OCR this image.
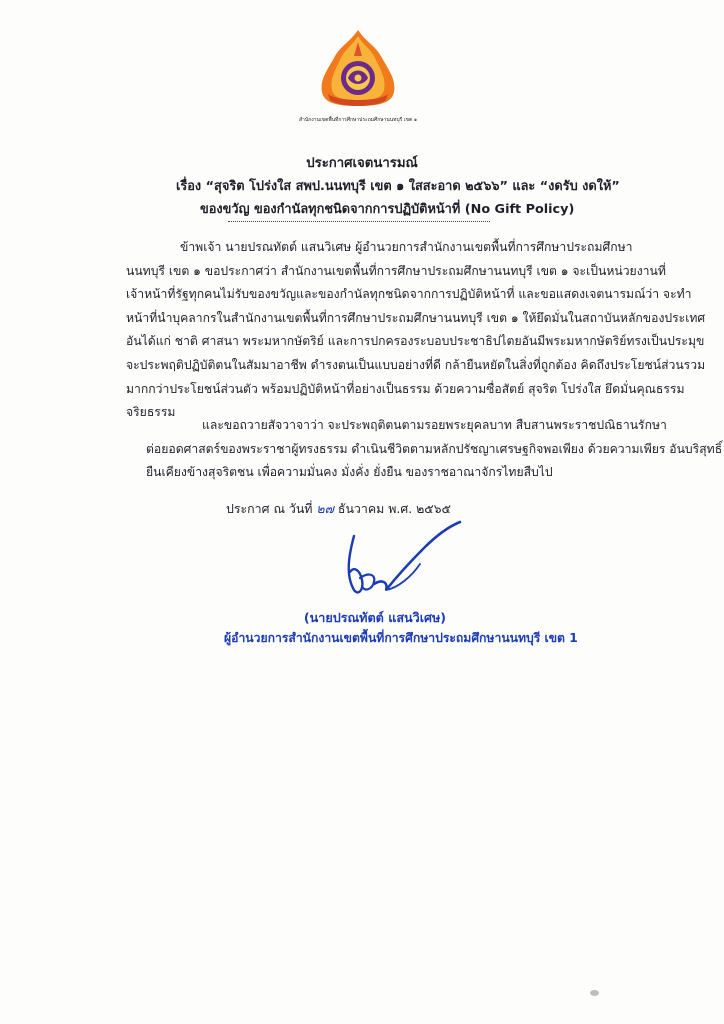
สำนักงานเขตพื้นที่การศึกษาประถมศึกษานนทบุรี เขต ๑
ประกาศเจตนารมณ์
เรื่อง “สุจริต โปร่งใส สพป.นนทบุรี เขต ๑ ใสสะอาด ๒๕๖๖” และ “งดรับ งดให้”
ของขวัญ ของกำนัลทุกชนิดจากการปฏิบัติหน้าที่ (No Gift Policy)
ข้าพเจ้า นายปรณทัตต์ แสนวิเศษ ผู้อำนวยการสำนักงานเขตพื้นที่การศึกษาประถมศึกษา
นนทบุรี เขต ๑ ขอประกาศว่า สำนักงานเขตพื้นที่การศึกษาประถมศึกษานนทบุรี เขต ๑ จะเป็นหน่วยงานที่
เจ้าหน้าที่รัฐทุกคนไม่รับของขวัญและของกำนัลทุกชนิดจากการปฏิบัติหน้าที่ และขอแสดงเจตนารมณ์ว่า จะทำ
หน้าที่นำบุคลากรในสำนักงานเขตพื้นที่การศึกษาประถมศึกษานนทบุรี เขต ๑ ให้ยึดมั่นในสถาบันหลักของประเทศ
อันได้แก่ ชาติ ศาสนา พระมหากษัตริย์ และการปกครองระบอบประชาธิปไตยอันมีพระมหากษัตริย์ทรงเป็นประมุข
จะประพฤติปฏิบัติตนในสัมมาอาชีพ ดำรงตนเป็นแบบอย่างที่ดี กล้ายืนหยัดในสิ่งที่ถูกต้อง คิดถึงประโยชน์ส่วนรวม
มากกว่าประโยชน์ส่วนตัว พร้อมปฏิบัติหน้าที่อย่างเป็นธรรม ด้วยความซื่อสัตย์ สุจริต โปร่งใส ยึดมั่นคุณธรรม
จริยธรรม
และขอถวายสัจวาจาว่า จะประพฤติตนตามรอยพระยุคลบาท สืบสานพระราชปณิธานรักษา
ต่อยอดศาสตร์ของพระราชาผู้ทรงธรรม ดำเนินชีวิตตามหลักปรัชญาเศรษฐกิจพอเพียง ด้วยความเพียร อันบริสุทธิ์
ยืนเคียงข้างสุจริตชน เพื่อความมั่นคง มั่งคั่ง ยั่งยืน ของราชอาณาจักรไทยสืบไป
ประกาศ ณ วันที่ ๒๗ ธันวาคม พ.ศ. ๒๕๖๕
(นายปรณทัตต์ แสนวิเศษ)
ผู้อำนวยการสำนักงานเขตพื้นที่การศึกษาประถมศึกษานนทบุรี เขต 1
